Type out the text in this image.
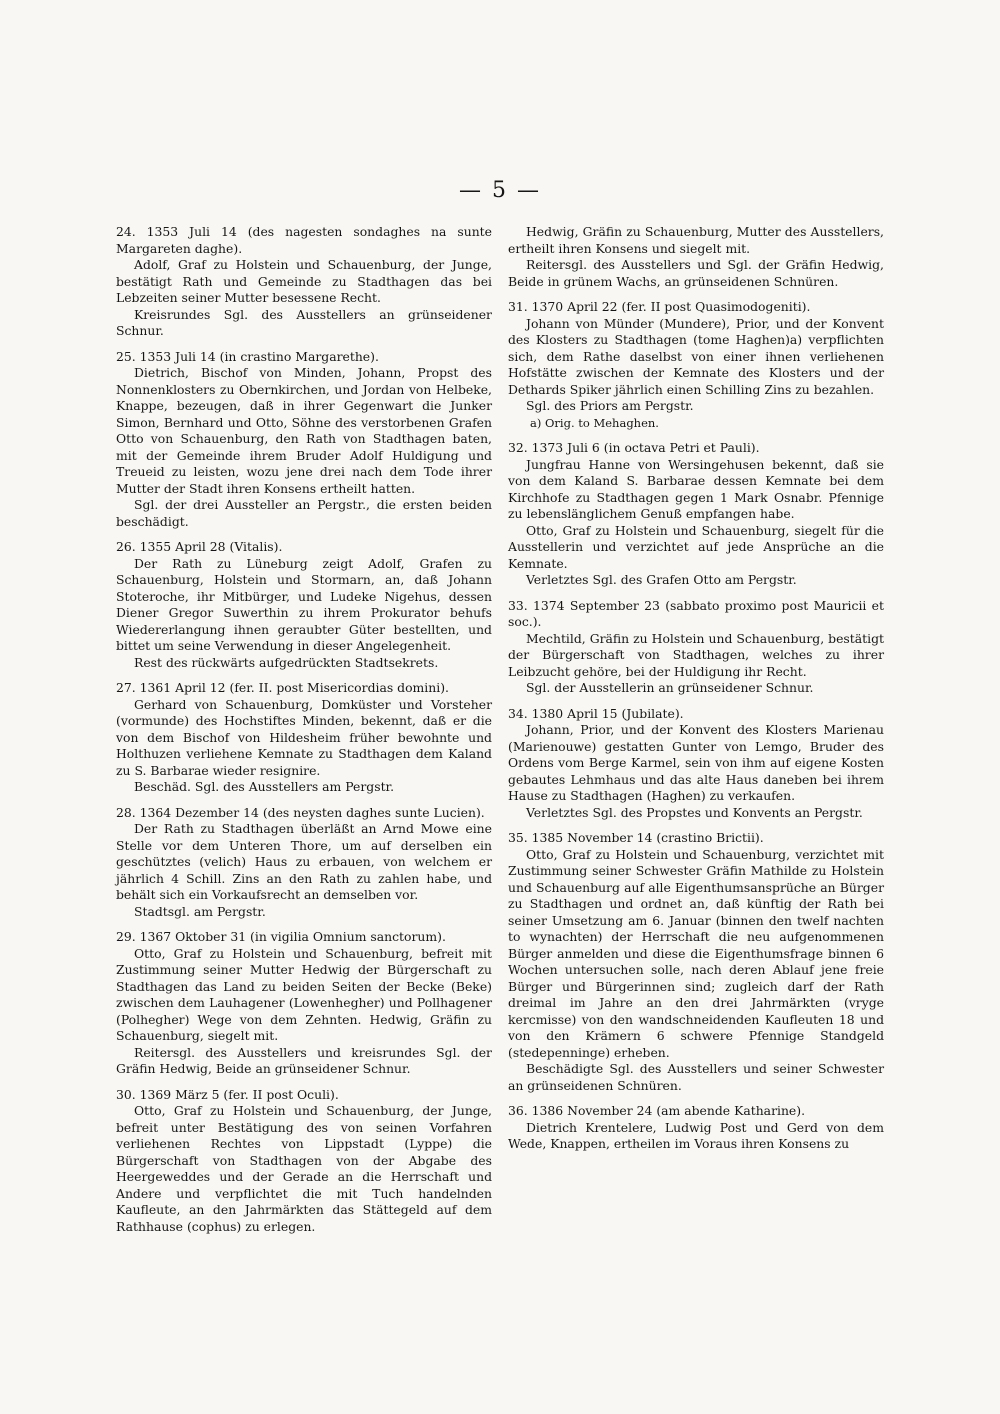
— 5 —

24. 1353 Juli 14 (des nagesten sondaghes na sunte Margareten daghe).

Adolf, Graf zu Holstein und Schauenburg, der Junge, bestätigt Rath und Gemeinde zu Stadthagen das bei Lebzeiten seiner Mutter besessene Recht.

Kreisrundes Sgl. des Ausstellers an grünseidener Schnur.

25. 1353 Juli 14 (in crastino Margarethe).

Dietrich, Bischof von Minden, Johann, Propst des Nonnenklosters zu Obernkirchen, und Jordan von Helbeke, Knappe, bezeugen, daß in ihrer Gegenwart die Junker Simon, Bernhard und Otto, Söhne des verstorbenen Grafen Otto von Schauenburg, den Rath von Stadthagen baten, mit der Gemeinde ihrem Bruder Adolf Huldigung und Treueid zu leisten, wozu jene drei nach dem Tode ihrer Mutter der Stadt ihren Konsens ertheilt hatten.

Sgl. der drei Aussteller an Pergstr., die ersten beiden beschädigt.

26. 1355 April 28 (Vitalis).

Der Rath zu Lüneburg zeigt Adolf, Grafen zu Schauenburg, Holstein und Stormarn, an, daß Johann Stoteroche, ihr Mitbürger, und Ludeke Nigehus, dessen Diener Gregor Suwerthin zu ihrem Prokurator behufs Wiedererlangung ihnen geraubter Güter bestellten, und bittet um seine Verwendung in dieser Angelegenheit.

Rest des rückwärts aufgedrückten Stadtsekrets.

27. 1361 April 12 (fer. II. post Misericordias domini).

Gerhard von Schauenburg, Domküster und Vorsteher (vormunde) des Hochstiftes Minden, bekennt, daß er die von dem Bischof von Hildesheim früher bewohnte und Holthuzen verliehene Kemnate zu Stadthagen dem Kaland zu S. Barbarae wieder resignire.

Beschäd. Sgl. des Ausstellers am Pergstr.

28. 1364 Dezember 14 (des neysten daghes sunte Lucien).

Der Rath zu Stadthagen überläßt an Arnd Mowe eine Stelle vor dem Unteren Thore, um auf derselben ein geschütztes (velich) Haus zu erbauen, von welchem er jährlich 4 Schill. Zins an den Rath zu zahlen habe, und behält sich ein Vorkaufsrecht an demselben vor.

Stadtsgl. am Pergstr.

29. 1367 Oktober 31 (in vigilia Omnium sanctorum).

Otto, Graf zu Holstein und Schauenburg, befreit mit Zustimmung seiner Mutter Hedwig der Bürgerschaft zu Stadthagen das Land zu beiden Seiten der Becke (Beke) zwischen dem Lauhagener (Lowenhegher) und Pollhagener (Polhegher) Wege von dem Zehnten. Hedwig, Gräfin zu Schauenburg, siegelt mit.

Reitersgl. des Ausstellers und kreisrundes Sgl. der Gräfin Hedwig, Beide an grünseidener Schnur.

30. 1369 März 5 (fer. II post Oculi).

Otto, Graf zu Holstein und Schauenburg, der Junge, befreit unter Bestätigung des von seinen Vorfahren verliehenen Rechtes von Lippstadt (Lyppe) die Bürgerschaft von Stadthagen von der Abgabe des Heergeweddes und der Gerade an die Herrschaft und Andere und verpflichtet die mit Tuch handelnden Kaufleute, an den Jahrmärkten das Stättegeld auf dem Rathhause (cophus) zu erlegen.

Hedwig, Gräfin zu Schauenburg, Mutter des Ausstellers, ertheilt ihren Konsens und siegelt mit.

Reitersgl. des Ausstellers und Sgl. der Gräfin Hedwig, Beide in grünem Wachs, an grünseidenen Schnüren.

31. 1370 April 22 (fer. II post Quasimodogeniti).

Johann von Münder (Mundere), Prior, und der Konvent des Klosters zu Stadthagen (tome Haghen)a) verpflichten sich, dem Rathe daselbst von einer ihnen verliehenen Hofstätte zwischen der Kemnate des Klosters und der Dethards Spiker jährlich einen Schilling Zins zu bezahlen.

Sgl. des Priors am Pergstr.

a) Orig. to Mehaghen.

32. 1373 Juli 6 (in octava Petri et Pauli).

Jungfrau Hanne von Wersingehusen bekennt, daß sie von dem Kaland S. Barbarae dessen Kemnate bei dem Kirchhofe zu Stadthagen gegen 1 Mark Osnabr. Pfennige zu lebenslänglichem Genuß empfangen habe.

Otto, Graf zu Holstein und Schauenburg, siegelt für die Ausstellerin und verzichtet auf jede Ansprüche an die Kemnate.

Verletztes Sgl. des Grafen Otto am Pergstr.

33. 1374 September 23 (sabbato proximo post Mauricii et soc.).

Mechtild, Gräfin zu Holstein und Schauenburg, bestätigt der Bürgerschaft von Stadthagen, welches zu ihrer Leibzucht gehöre, bei der Huldigung ihr Recht.

Sgl. der Ausstellerin an grünseidener Schnur.

34. 1380 April 15 (Jubilate).

Johann, Prior, und der Konvent des Klosters Marienau (Marienouwe) gestatten Gunter von Lemgo, Bruder des Ordens vom Berge Karmel, sein von ihm auf eigene Kosten gebautes Lehmhaus und das alte Haus daneben bei ihrem Hause zu Stadthagen (Haghen) zu verkaufen.

Verletztes Sgl. des Propstes und Konvents an Pergstr.

35. 1385 November 14 (crastino Brictii).

Otto, Graf zu Holstein und Schauenburg, verzichtet mit Zustimmung seiner Schwester Gräfin Mathilde zu Holstein und Schauenburg auf alle Eigenthumsansprüche an Bürger zu Stadthagen und ordnet an, daß künftig der Rath bei seiner Umsetzung am 6. Januar (binnen den twelf nachten to wynachten) der Herrschaft die neu aufgenommenen Bürger anmelden und diese die Eigenthumsfrage binnen 6 Wochen untersuchen solle, nach deren Ablauf jene freie Bürger und Bürgerinnen sind; zugleich darf der Rath dreimal im Jahre an den drei Jahrmärkten (vryge kercmisse) von den wandschneidenden Kaufleuten 18 und von den Krämern 6 schwere Pfennige Standgeld (stedepenninge) erheben.

Beschädigte Sgl. des Ausstellers und seiner Schwester an grünseidenen Schnüren.

36. 1386 November 24 (am abende Katharine).

Dietrich Krentelere, Ludwig Post und Gerd von dem Wede, Knappen, ertheilen im Voraus ihren Konsens zu
